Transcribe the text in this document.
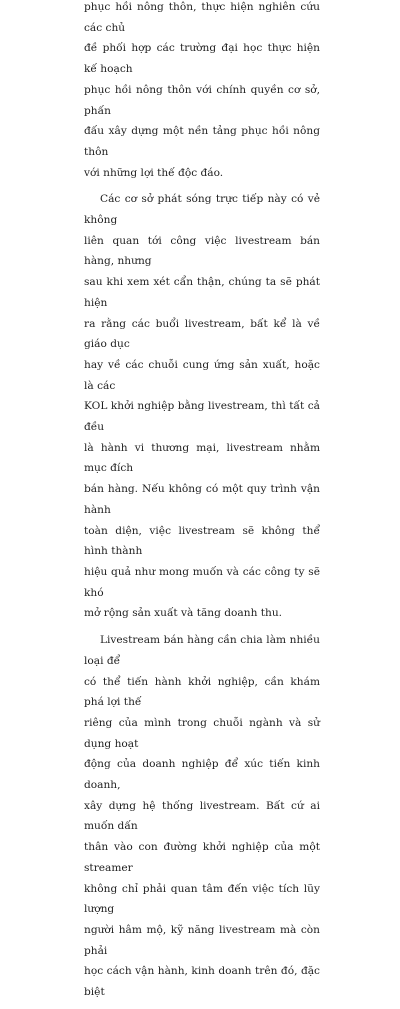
phục hồi nông thôn, thực hiện nghiên cứu các chủ
đề phối hợp các trường đại học thực hiện kế hoạch
phục hồi nông thôn với chính quyền cơ sở, phấn
đấu xây dựng một nền tảng phục hồi nông thôn
với những lợi thế độc đáo.

Các cơ sở phát sóng trực tiếp này có vẻ không
liên quan tới công việc livestream bán hàng, nhưng
sau khi xem xét cẩn thận, chúng ta sẽ phát hiện
ra rằng các buổi livestream, bất kể là về giáo dục
hay về các chuỗi cung ứng sản xuất, hoặc là các
KOL khởi nghiệp bằng livestream, thì tất cả đều
là hành vi thương mại, livestream nhằm mục đích
bán hàng. Nếu không có một quy trình vận hành
toàn diện, việc livestream sẽ không thể hình thành
hiệu quả như mong muốn và các công ty sẽ khó
mở rộng sản xuất và tăng doanh thu.

Livestream bán hàng cần chia làm nhiều loại để
có thể tiến hành khởi nghiệp, cần khám phá lợi thế
riêng của mình trong chuỗi ngành và sử dụng hoạt
động của doanh nghiệp để xúc tiến kinh doanh,
xây dựng hệ thống livestream. Bất cứ ai muốn dấn
thân vào con đường khởi nghiệp của một streamer
không chỉ phải quan tâm đến việc tích lũy lượng
người hâm mộ, kỹ năng livestream mà còn phải
học cách vận hành, kinh doanh trên đó, đặc biệt
